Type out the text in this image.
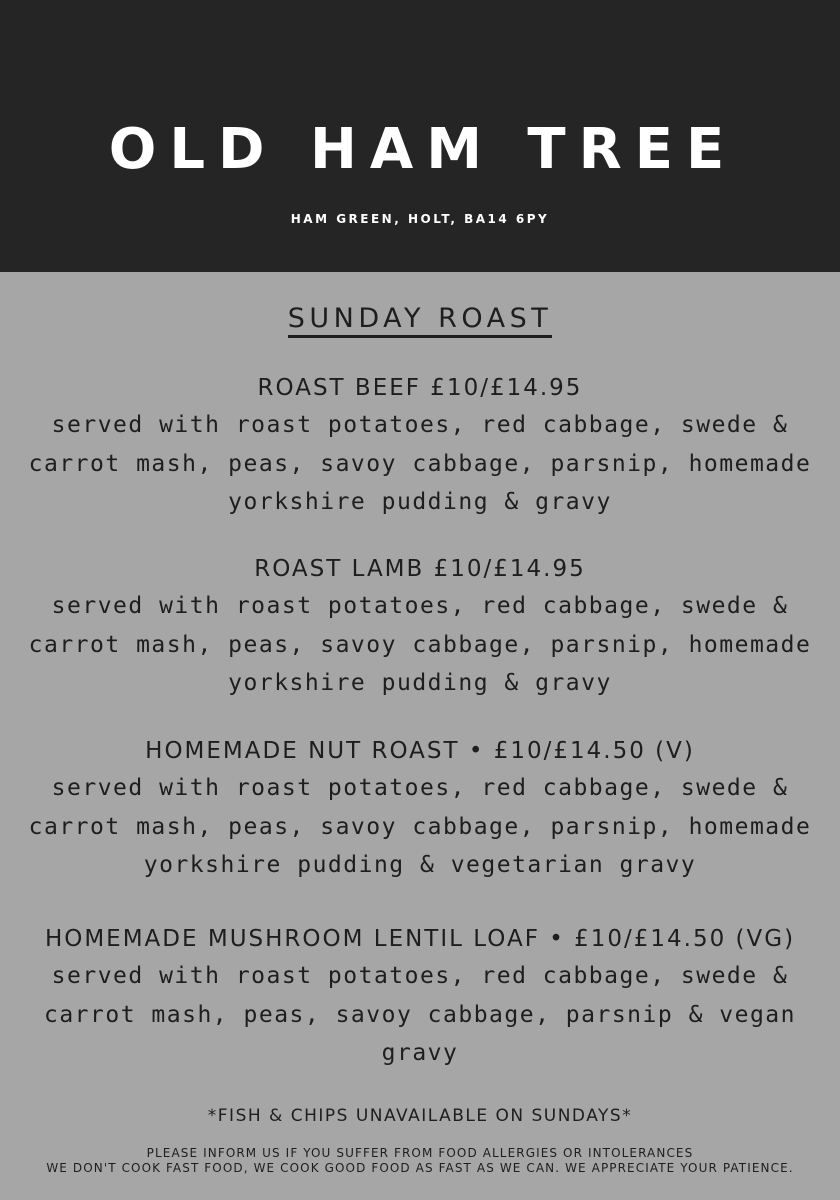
OLD HAM TREE
HAM GREEN, HOLT, BA14 6PY
SUNDAY ROAST
ROAST BEEF £10/£14.95
served with roast potatoes, red cabbage, swede & carrot mash, peas, savoy cabbage, parsnip, homemade yorkshire pudding & gravy
ROAST LAMB £10/£14.95
served with roast potatoes, red cabbage, swede & carrot mash, peas, savoy cabbage, parsnip, homemade yorkshire pudding & gravy
HOMEMADE NUT ROAST • £10/£14.50 (V)
served with roast potatoes, red cabbage, swede & carrot mash, peas, savoy cabbage, parsnip, homemade yorkshire pudding & vegetarian gravy
HOMEMADE MUSHROOM LENTIL LOAF • £10/£14.50 (VG)
served with roast potatoes, red cabbage, swede & carrot mash, peas, savoy cabbage, parsnip & vegan gravy
*FISH & CHIPS UNAVAILABLE ON SUNDAYS*
PLEASE INFORM US IF YOU SUFFER FROM FOOD ALLERGIES OR INTOLERANCES
WE DON'T COOK FAST FOOD, WE COOK GOOD FOOD AS FAST AS WE CAN. WE APPRECIATE YOUR PATIENCE.
